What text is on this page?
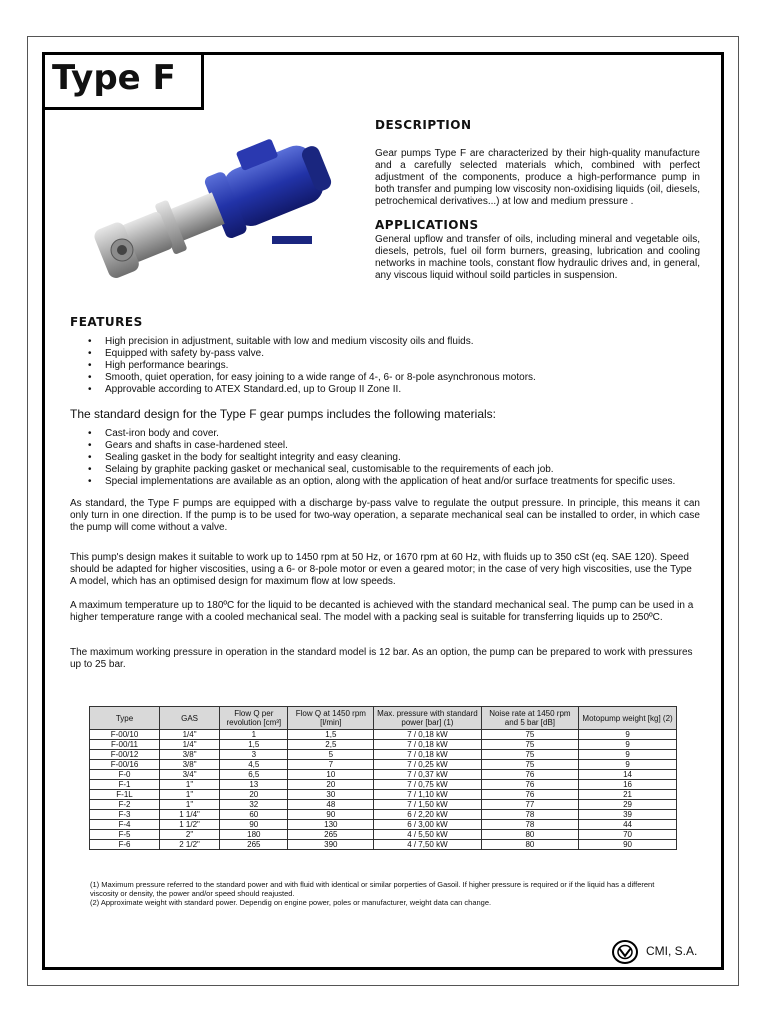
Type F
DESCRIPTION
Gear pumps Type F are characterized by their high-quality manufacture and a carefully selected materials which, combined with perfect adjustment of the components, produce a high-performance pump in both transfer and pumping low viscosity non-oxidising liquids (oil, diesels, petrochemical derivatives...) at low and medium pressure .
APPLICATIONS
General upflow and transfer of oils, including mineral and vegetable oils, diesels, petrols, fuel oil form burners, greasing, lubrication and cooling networks in machine tools, constant flow hydraulic drives and, in general, any viscous liquid withoul soild particles in suspension.
FEATURES
• High precision in adjustment, suitable with low and medium viscosity oils and fluids.
• Equipped with safety by-pass valve.
• High performance bearings.
• Smooth, quiet operation, for easy joining to a wide range of 4-, 6- or 8-pole asynchronous motors.
• Approvable according to ATEX Standard.ed, up to Group II Zone II.
The standard design for the Type F gear pumps includes the following materials:
• Cast-iron body and cover.
• Gears and shafts in case-hardened steel.
• Sealing gasket in the body for sealtight integrity and easy cleaning.
• Selaing by graphite packing gasket or mechanical seal, customisable to the requirements of each job.
• Special implementations are available as an option, along with the application of heat and/or surface treatments for specific uses.
As standard, the Type F pumps are equipped with a discharge by-pass valve to regulate the output pressure. In principle, this means it can only turn in one direction. If the pump is to be used for two-way operation, a separate mechanical seal can be installed to order, in which case the pump will come without a valve.
This pump's design makes it suitable to work up to 1450 rpm at 50 Hz, or 1670 rpm at 60 Hz, with fluids up to 350 cSt (eq. SAE 120). Speed should be adapted for higher viscosities, using a 6- or 8-pole motor or even a geared motor; in the case of very high viscosities, use the Type A model, which has an optimised design for maximum flow at low speeds.
A maximum temperature up to 180ºC for the liquid to be decanted is achieved with the standard mechanical seal. The pump can be used in a higher temperature range with a cooled mechanical seal. The model with a packing seal is suitable for transferring liquids up to 250ºC.
The maximum working pressure in operation in the standard model is 12 bar. As an option, the pump can be prepared to work with pressures up to 25 bar.
Type	GAS	Flow Q per revolution [cm³]	Flow Q at 1450 rpm [l/min]	Max. pressure with standard power [bar] (1)	Noise rate at 1450 rpm and 5 bar [dB]	Motopump weight [kg] (2)
F-00/10	1/4"	1	1,5	7 / 0,18 kW	75	9
F-00/11	1/4"	1,5	2,5	7 / 0,18 kW	75	9
F-00/12	3/8"	3	5	7 / 0,18 kW	75	9
F-00/16	3/8"	4,5	7	7 / 0,25 kW	75	9
F-0	3/4"	6,5	10	7 / 0,37 kW	76	14
F-1	1"	13	20	7 / 0,75 kW	76	16
F-1L	1"	20	30	7 / 1,10 kW	76	21
F-2	1"	32	48	7 / 1,50 kW	77	29
F-3	1 1/4"	60	90	6 / 2,20 kW	78	39
F-4	1 1/2"	90	130	6 / 3,00 kW	78	44
F-5	2"	180	265	4 / 5,50 kW	80	70
F-6	2 1/2"	265	390	4 / 7,50 kW	80	90
(1) Maximum pressure referred to the standard power and with fluid with identical or similar porperties of Gasoil. If higher pressure is required or if the liquid has a different viscosity or density, the power and/or speed should reajusted.
(2) Approximate weight with standard power. Dependig on engine power, poles or manufacturer, weight data can change.
CMI, S.A.
